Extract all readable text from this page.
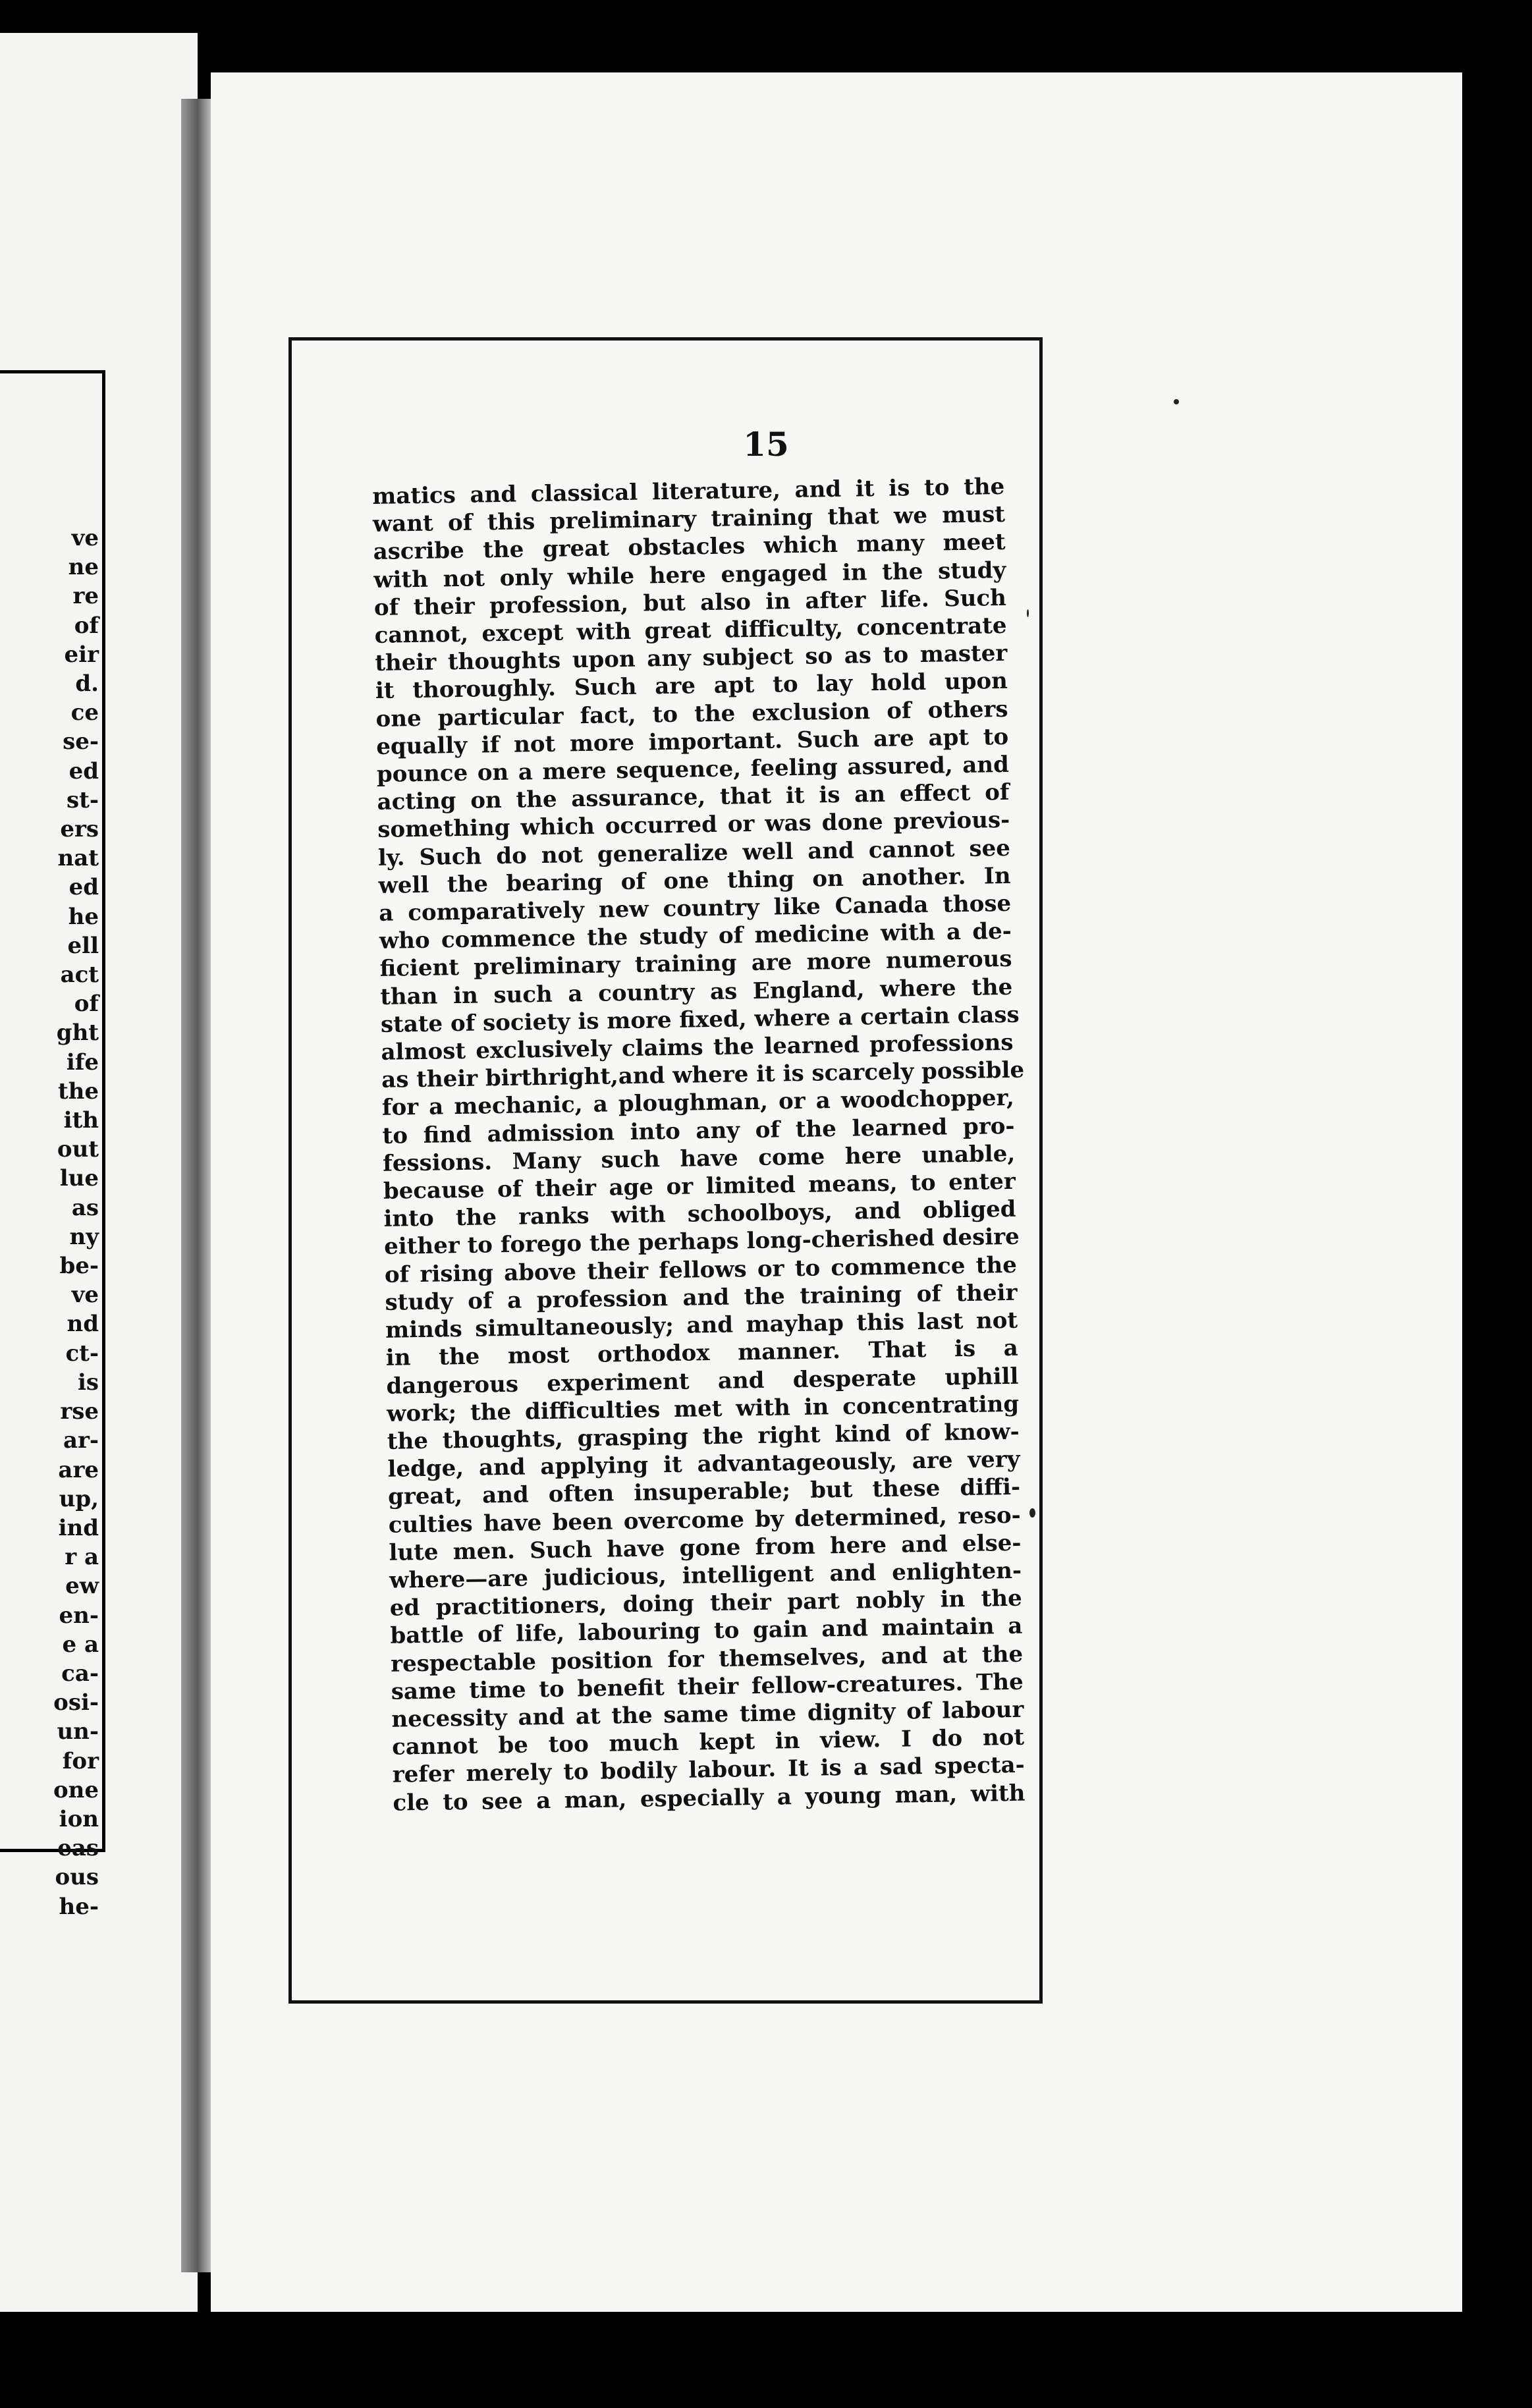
ve
ne
re
of
eir
d.
ce
se-
ed
st-
ers
nat
ed
he
ell
act
of
ght
ife
the
ith
out
lue
as
ny
be-
ve
nd
ct-
is
rse
ar-
are
up,
ind
r a
ew
en-
e a
ca-
osi-
un-
for
one
ion
eas
ous
he-
15
matics and classical literature, and it is to the
want of this preliminary training that we must
ascribe the great obstacles which many meet
with not only while here engaged in the study
of their profession, but also in after life. Such
cannot, except with great difficulty, concentrate
their thoughts upon any subject so as to master
it thoroughly. Such are apt to lay hold upon
one particular fact, to the exclusion of others
equally if not more important. Such are apt to
pounce on a mere sequence, feeling assured, and
acting on the assurance, that it is an effect of
something which occurred or was done previous-
ly. Such do not generalize well and cannot see
well the bearing of one thing on another. In
a comparatively new country like Canada those
who commence the study of medicine with a de-
ficient preliminary training are more numerous
than in such a country as England, where the
state of society is more fixed, where a certain class
almost exclusively claims the learned professions
as their birthright,and where it is scarcely possible
for a mechanic, a ploughman, or a woodchopper,
to find admission into any of the learned pro-
fessions. Many such have come here unable,
because of their age or limited means, to enter
into the ranks with schoolboys, and obliged
either to forego the perhaps long-cherished desire
of rising above their fellows or to commence the
study of a profession and the training of their
minds simultaneously; and mayhap this last not
in the most orthodox manner. That is a
dangerous experiment and desperate uphill
work; the difficulties met with in concentrating
the thoughts, grasping the right kind of know-
ledge, and applying it advantageously, are very
great, and often insuperable; but these diffi-
culties have been overcome by determined, reso-
lute men. Such have gone from here and else-
where—are judicious, intelligent and enlighten-
ed practitioners, doing their part nobly in the
battle of life, labouring to gain and maintain a
respectable position for themselves, and at the
same time to benefit their fellow-creatures. The
necessity and at the same time dignity of labour
cannot be too much kept in view. I do not
refer merely to bodily labour. It is a sad specta-
cle to see a man, especially a young man, with
